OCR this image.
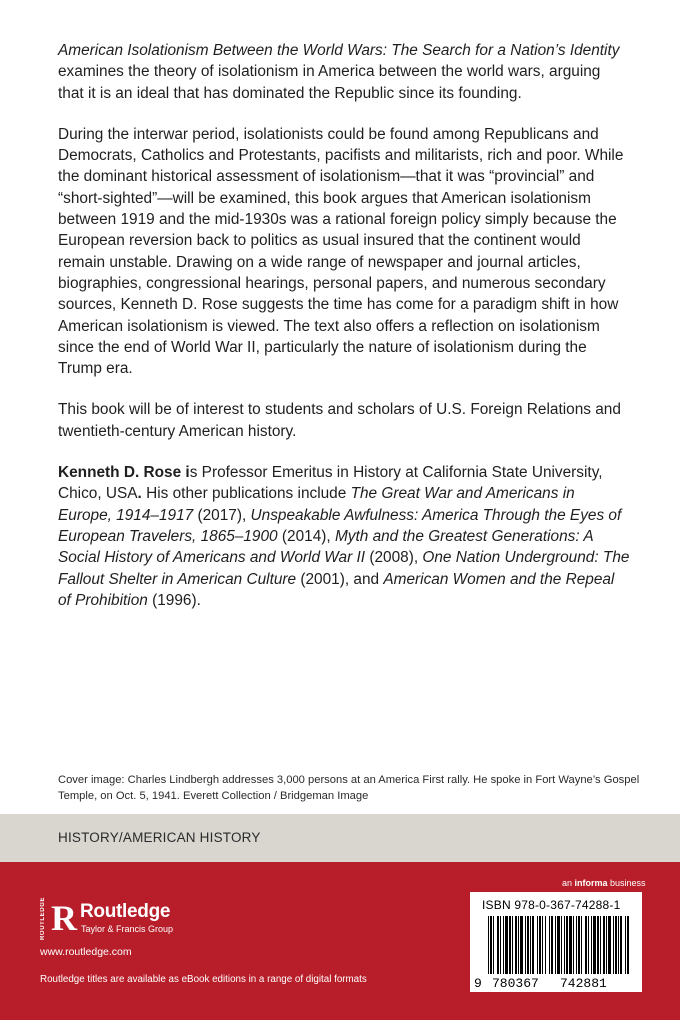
American Isolationism Between the World Wars: The Search for a Nation’s Identity examines the theory of isolationism in America between the world wars, arguing that it is an ideal that has dominated the Republic since its founding.

During the interwar period, isolationists could be found among Republicans and Democrats, Catholics and Protestants, pacifists and militarists, rich and poor. While the dominant historical assessment of isolationism—that it was “provincial” and “short-sighted”—will be examined, this book argues that American isolationism between 1919 and the mid-1930s was a rational foreign policy simply because the European reversion back to politics as usual insured that the continent would remain unstable. Drawing on a wide range of newspaper and journal articles, biographies, congressional hearings, personal papers, and numerous secondary sources, Kenneth D. Rose suggests the time has come for a paradigm shift in how American isolationism is viewed. The text also offers a reflection on isolationism since the end of World War II, particularly the nature of isolationism during the Trump era.

This book will be of interest to students and scholars of U.S. Foreign Relations and twentieth-century American history.

Kenneth D. Rose is Professor Emeritus in History at California State University, Chico, USA. His other publications include The Great War and Americans in Europe, 1914–1917 (2017), Unspeakable Awfulness: America Through the Eyes of European Travelers, 1865–1900 (2014), Myth and the Greatest Generations: A Social History of Americans and World War II (2008), One Nation Underground: The Fallout Shelter in American Culture (2001), and American Women and the Repeal of Prohibition (1996).

Cover image: Charles Lindbergh addresses 3,000 persons at an America First rally. He spoke in Fort Wayne’s Gospel Temple, on Oct. 5, 1941. Everett Collection / Bridgeman Image
HISTORY/AMERICAN HISTORY
an informa business
ROUTLEDGE R Routledge
Taylor & Francis Group
www.routledge.com
Routledge titles are available as eBook editions in a range of digital formats
ISBN 978-0-367-74288-1
9 780367 742881
